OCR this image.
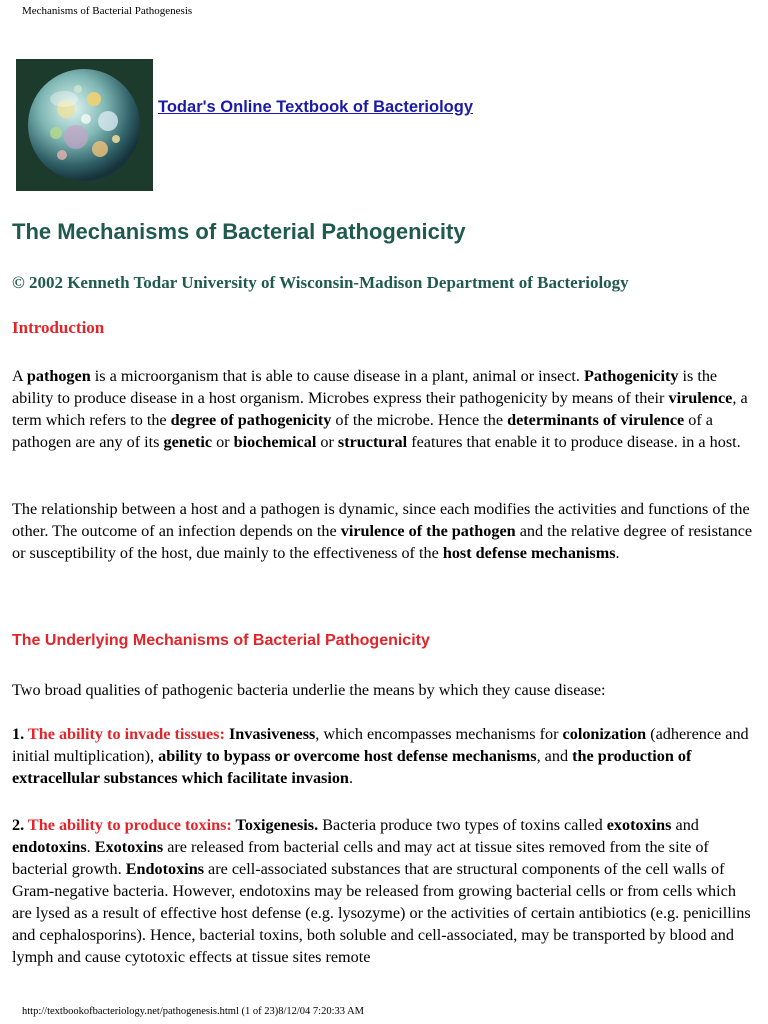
Mechanisms of Bacterial Pathogenesis
Todar's Online Textbook of Bacteriology
The Mechanisms of Bacterial Pathogenicity
© 2002 Kenneth Todar University of Wisconsin-Madison Department of Bacteriology
Introduction

A pathogen is a microorganism that is able to cause disease in a plant, animal or insect. Pathogenicity is the ability to produce disease in a host organism. Microbes express their pathogenicity by means of their virulence, a term which refers to the degree of pathogenicity of the microbe. Hence the determinants of virulence of a pathogen are any of its genetic or biochemical or structural features that enable it to produce disease. in a host.

The relationship between a host and a pathogen is dynamic, since each modifies the activities and functions of the other. The outcome of an infection depends on the virulence of the pathogen and the relative degree of resistance or susceptibility of the host, due mainly to the effectiveness of the host defense mechanisms.

The Underlying Mechanisms of Bacterial Pathogenicity

Two broad qualities of pathogenic bacteria underlie the means by which they cause disease:

1. The ability to invade tissues: Invasiveness, which encompasses mechanisms for colonization (adherence and initial multiplication), ability to bypass or overcome host defense mechanisms, and the production of extracellular substances which facilitate invasion.

2. The ability to produce toxins: Toxigenesis. Bacteria produce two types of toxins called exotoxins and endotoxins. Exotoxins are released from bacterial cells and may act at tissue sites removed from the site of bacterial growth. Endotoxins are cell-associated substances that are structural components of the cell walls of Gram-negative bacteria. However, endotoxins may be released from growing bacterial cells or from cells which are lysed as a result of effective host defense (e.g. lysozyme) or the activities of certain antibiotics (e.g. penicillins and cephalosporins). Hence, bacterial toxins, both soluble and cell-associated, may be transported by blood and lymph and cause cytotoxic effects at tissue sites remote

http://textbookofbacteriology.net/pathogenesis.html (1 of 23)8/12/04 7:20:33 AM
